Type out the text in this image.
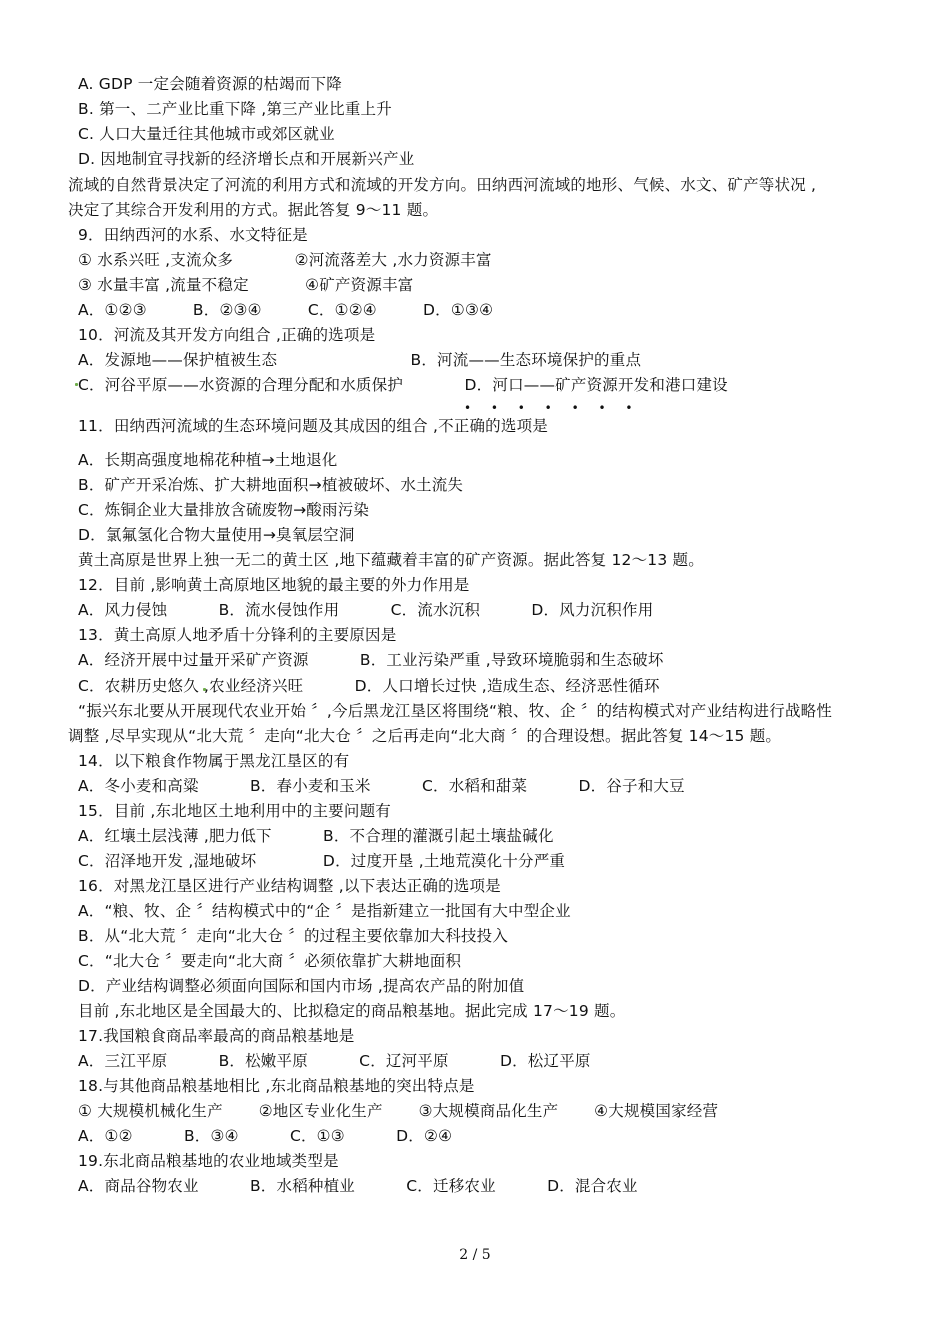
A. GDP 一定会随着资源的枯竭而下降
B. 第一、二产业比重下降 ,第三产业比重上升
C. 人口大量迁往其他城市或郊区就业
D. 因地制宜寻找新的经济增长点和开展新兴产业
流域的自然背景决定了河流的利用方式和流域的开发方向。田纳西河流域的地形、气候、水文、矿产等状况 ,
决定了其综合开发利用的方式。据此答复 9～11 题。
9．田纳西河的水系、水文特征是
① 水系兴旺 ,支流众多            ②河流落差大 ,水力资源丰富
③ 水量丰富 ,流量不稳定           ④矿产资源丰富
A．①②③         B．②③④         C．①②④         D．①③④
10．河流及其开发方向组合 ,正确的选项是
A．发源地——保护植被生态                          B．河流——生态环境保护的重点
C．河谷平原——水资源的合理分配和水质保护            D．河口——矿产资源开发和港口建设
• • • • • • •
11．田纳西河流域的生态环境问题及其成因的组合 ,不正确的选项是
A．长期高强度地棉花种植→土地退化
B．矿产开采冶炼、扩大耕地面积→植被破坏、水土流失
C．炼铜企业大量排放含硫废物→酸雨污染
D．氯氟氢化合物大量使用→臭氧层空洞
黄土高原是世界上独一无二的黄土区 ,地下蕴藏着丰富的矿产资源。据此答复 12～13 题。
12．目前 ,影响黄土高原地区地貌的最主要的外力作用是
A．风力侵蚀          B．流水侵蚀作用          C．流水沉积          D．风力沉积作用
13．黄土高原人地矛盾十分锋利的主要原因是
A．经济开展中过量开采矿产资源          B．工业污染严重 ,导致环境脆弱和生态破坏
C．农耕历史悠久 ,农业经济兴旺          D．人口增长过快 ,造成生态、经济恶性循环
“振兴东北要从开展现代农业开始 〞,今后黑龙江垦区将围绕“粮、牧、企 〞的结构模式对产业结构进行战略性
调整 ,尽早实现从“北大荒 〞走向“北大仓 〞之后再走向“北大商 〞的合理设想。据此答复 14～15 题。
14．以下粮食作物属于黑龙江垦区的有
A．冬小麦和高粱          B．春小麦和玉米          C．水稻和甜菜          D．谷子和大豆
15．目前 ,东北地区土地利用中的主要问题有
A．红壤土层浅薄 ,肥力低下          B．不合理的灌溉引起土壤盐碱化
C．沼泽地开发 ,湿地破坏             D．过度开垦 ,土地荒漠化十分严重
16．对黑龙江垦区进行产业结构调整 ,以下表达正确的选项是
A．“粮、牧、企 〞结构模式中的“企 〞是指新建立一批国有大中型企业
B．从“北大荒 〞走向“北大仓 〞的过程主要依靠加大科技投入
C．“北大仓 〞要走向“北大商 〞必须依靠扩大耕地面积
D．产业结构调整必须面向国际和国内市场 ,提高农产品的附加值
目前 ,东北地区是全国最大的、比拟稳定的商品粮基地。据此完成 17～19 题。
17.我国粮食商品率最高的商品粮基地是
A．三江平原          B．松嫩平原          C．辽河平原          D．松辽平原
18.与其他商品粮基地相比 ,东北商品粮基地的突出特点是
① 大规模机械化生产       ②地区专业化生产       ③大规模商品化生产       ④大规模国家经营
A．①②          B．③④          C．①③          D．②④
19.东北商品粮基地的农业地域类型是
A．商品谷物农业          B．水稻种植业          C．迁移农业          D．混合农业
2 / 5
